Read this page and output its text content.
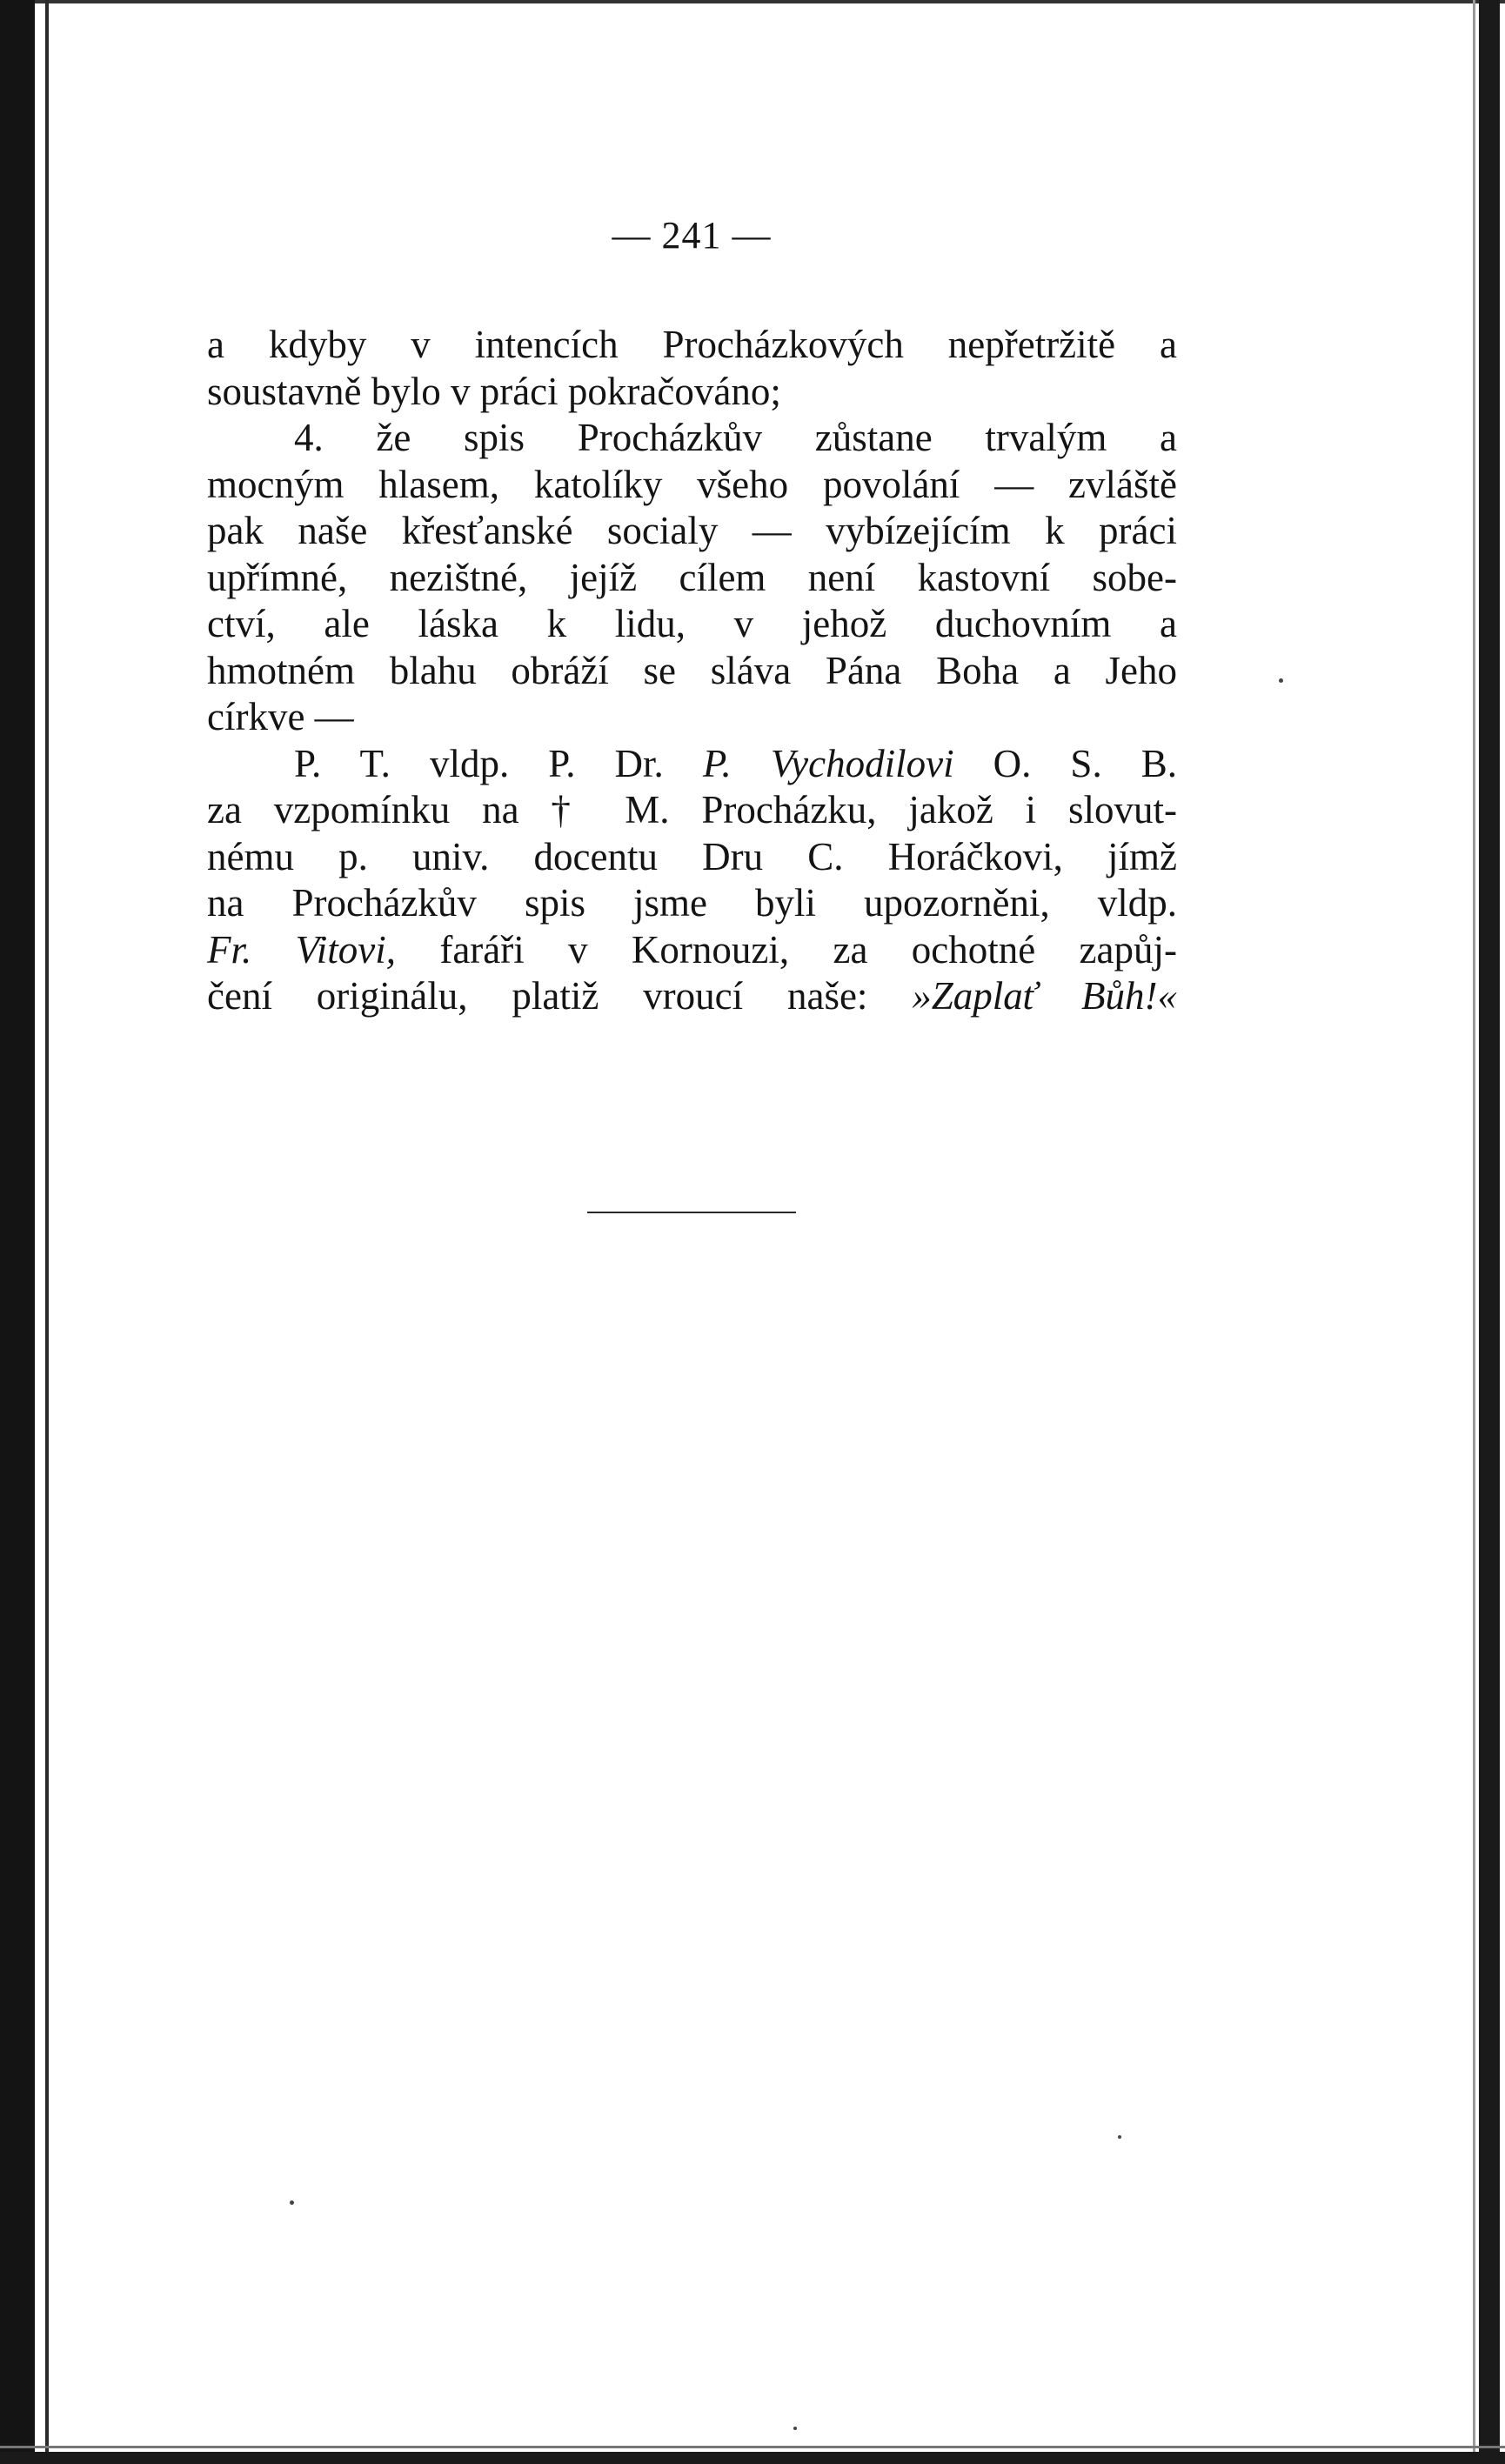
— 241 —
a kdyby v intencích Procházkových nepřetržitě a
soustavně bylo v práci pokračováno;
4. že spis Procházkův zůstane trvalým a
mocným hlasem, katolíky všeho povolání — zvláště
pak naše křesťanské socialy — vybízejícím k práci
upřímné, nezištné, jejíž cílem není kastovní sobe-
ctví, ale láska k lidu, v jehož duchovním a
hmotném blahu obráží se sláva Pána Boha a Jeho
církve —
P. T. vldp. P. Dr. P. Vychodilovi O. S. B.
za vzpomínku na † M. Procházku, jakož i slovut-
nému p. univ. docentu Dru C. Horáčkovi, jímž
na Procházkův spis jsme byli upozorněni, vldp.
Fr. Vitovi, faráři v Kornouzi, za ochotné zapůj-
čení originálu, platiž vroucí naše: »Zaplať Bůh!«
